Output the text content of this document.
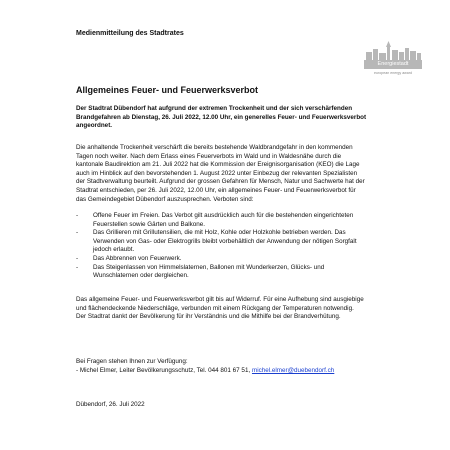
Medienmitteilung des Stadtrates
Energiestadt
european energy award
Allgemeines Feuer- und Feuerwerksverbot
Der Stadtrat Dübendorf hat aufgrund der extremen Trockenheit und der sich verschärfenden
Brandgefahren ab Dienstag, 26. Juli 2022, 12.00 Uhr, ein generelles Feuer- und Feuerwerksverbot
angeordnet.
Die anhaltende Trockenheit verschärft die bereits bestehende Waldbrandgefahr in den kommenden
Tagen noch weiter. Nach dem Erlass eines Feuerverbots im Wald und in Waldesnähe durch die
kantonale Baudirektion am 21. Juli 2022 hat die Kommission der Ereignisorganisation (KEO) die Lage
auch im Hinblick auf den bevorstehenden 1. August 2022 unter Einbezug der relevanten Spezialisten
der Stadtverwaltung beurteilt. Aufgrund der grossen Gefahren für Mensch, Natur und Sachwerte hat der
Stadtrat entschieden, per 26. Juli 2022, 12.00 Uhr, ein allgemeines Feuer- und Feuerwerksverbot für
das Gemeindegebiet Dübendorf auszusprechen. Verboten sind:
- Offene Feuer im Freien. Das Verbot gilt ausdrücklich auch für die bestehenden eingerichteten
Feuerstellen sowie Gärten und Balkone.
- Das Grillieren mit Grillutensilien, die mit Holz, Kohle oder Holzkohle betrieben werden. Das
Verwenden von Gas- oder Elektrogrills bleibt vorbehältlich der Anwendung der nötigen Sorgfalt
jedoch erlaubt.
- Das Abbrennen von Feuerwerk.
- Das Steigenlassen von Himmelslaternen, Ballonen mit Wunderkerzen, Glücks- und
Wunschlaternen oder dergleichen.
Das allgemeine Feuer- und Feuerwerksverbot gilt bis auf Widerruf. Für eine Aufhebung sind ausgiebige
und flächendeckende Niederschläge, verbunden mit einem Rückgang der Temperaturen notwendig.
Der Stadtrat dankt der Bevölkerung für ihr Verständnis und die Mithilfe bei der Brandverhütung.
Bei Fragen stehen Ihnen zur Verfügung:
- Michel Elmer, Leiter Bevölkerungsschutz, Tel. 044 801 67 51, michel.elmer@duebendorf.ch
Dübendorf, 26. Juli 2022
